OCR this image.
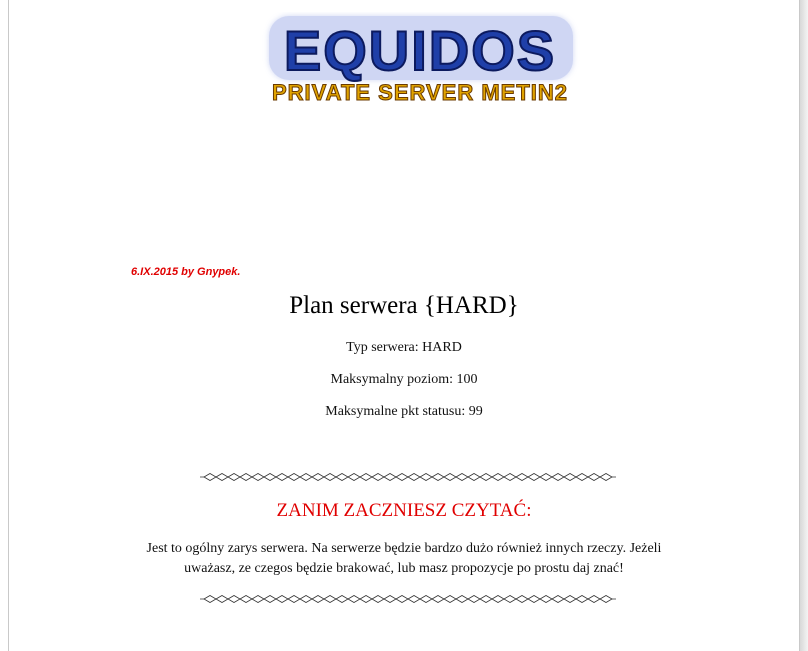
EQUIDOS
PRIVATE SERVER METIN2
6.IX.2015 by Gnypek.
Plan serwera {HARD}
Typ serwera: HARD
Maksymalny poziom: 100
Maksymalne pkt statusu: 99
ZANIM ZACZNIESZ CZYTAĆ:
Jest to ogólny zarys serwera. Na serwerze będzie bardzo dużo również innych rzeczy. Jeżeli uważasz, ze czegos będzie brakować, lub masz propozycje po prostu daj znać!
